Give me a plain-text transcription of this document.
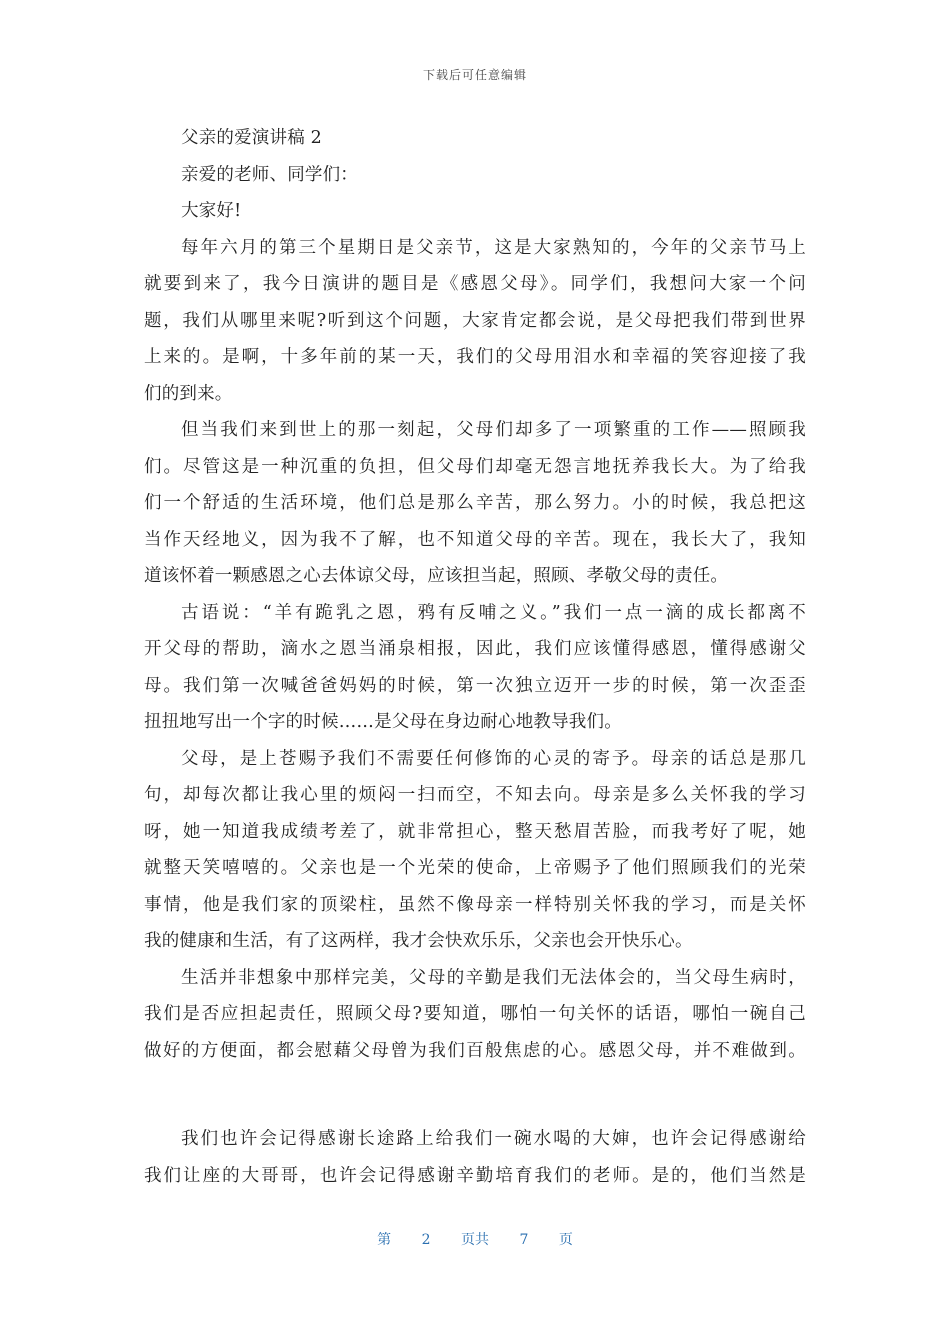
下载后可任意编辑
父亲的爱演讲稿 2
亲爱的老师、同学们：
大家好!
每年六月的第三个星期日是父亲节，这是大家熟知的，今年的父亲节马上
就要到来了，我今日演讲的题目是《感恩父母》。同学们，我想问大家一个问
题，我们从哪里来呢?听到这个问题，大家肯定都会说，是父母把我们带到世界
上来的。是啊，十多年前的某一天，我们的父母用泪水和幸福的笑容迎接了我
们的到来。
但当我们来到世上的那一刻起，父母们却多了一项繁重的工作——照顾我
们。尽管这是一种沉重的负担，但父母们却毫无怨言地抚养我长大。为了给我
们一个舒适的生活环境，他们总是那么辛苦，那么努力。小的时候，我总把这
当作天经地义，因为我不了解，也不知道父母的辛苦。现在，我长大了，我知
道该怀着一颗感恩之心去体谅父母，应该担当起，照顾、孝敬父母的责任。
古语说：“羊有跪乳之恩，鸦有反哺之义。”我们一点一滴的成长都离不
开父母的帮助，滴水之恩当涌泉相报，因此，我们应该懂得感恩，懂得感谢父
母。我们第一次喊爸爸妈妈的时候，第一次独立迈开一步的时候，第一次歪歪
扭扭地写出一个字的时候……是父母在身边耐心地教导我们。
父母，是上苍赐予我们不需要任何修饰的心灵的寄予。母亲的话总是那几
句，却每次都让我心里的烦闷一扫而空，不知去向。母亲是多么关怀我的学习
呀，她一知道我成绩考差了，就非常担心，整天愁眉苦脸，而我考好了呢，她
就整天笑嘻嘻的。父亲也是一个光荣的使命，上帝赐予了他们照顾我们的光荣
事情，他是我们家的顶梁柱，虽然不像母亲一样特别关怀我的学习，而是关怀
我的健康和生活，有了这两样，我才会快欢乐乐，父亲也会开快乐心。
生活并非想象中那样完美，父母的辛勤是我们无法体会的，当父母生病时，
我们是否应担起责任，照顾父母?要知道，哪怕一句关怀的话语，哪怕一碗自己
做好的方便面，都会慰藉父母曾为我们百般焦虑的心。感恩父母，并不难做到。
我们也许会记得感谢长途路上给我们一碗水喝的大婶，也许会记得感谢给
我们让座的大哥哥，也许会记得感谢辛勤培育我们的老师。是的，他们当然是
第 2 页共 7 页
